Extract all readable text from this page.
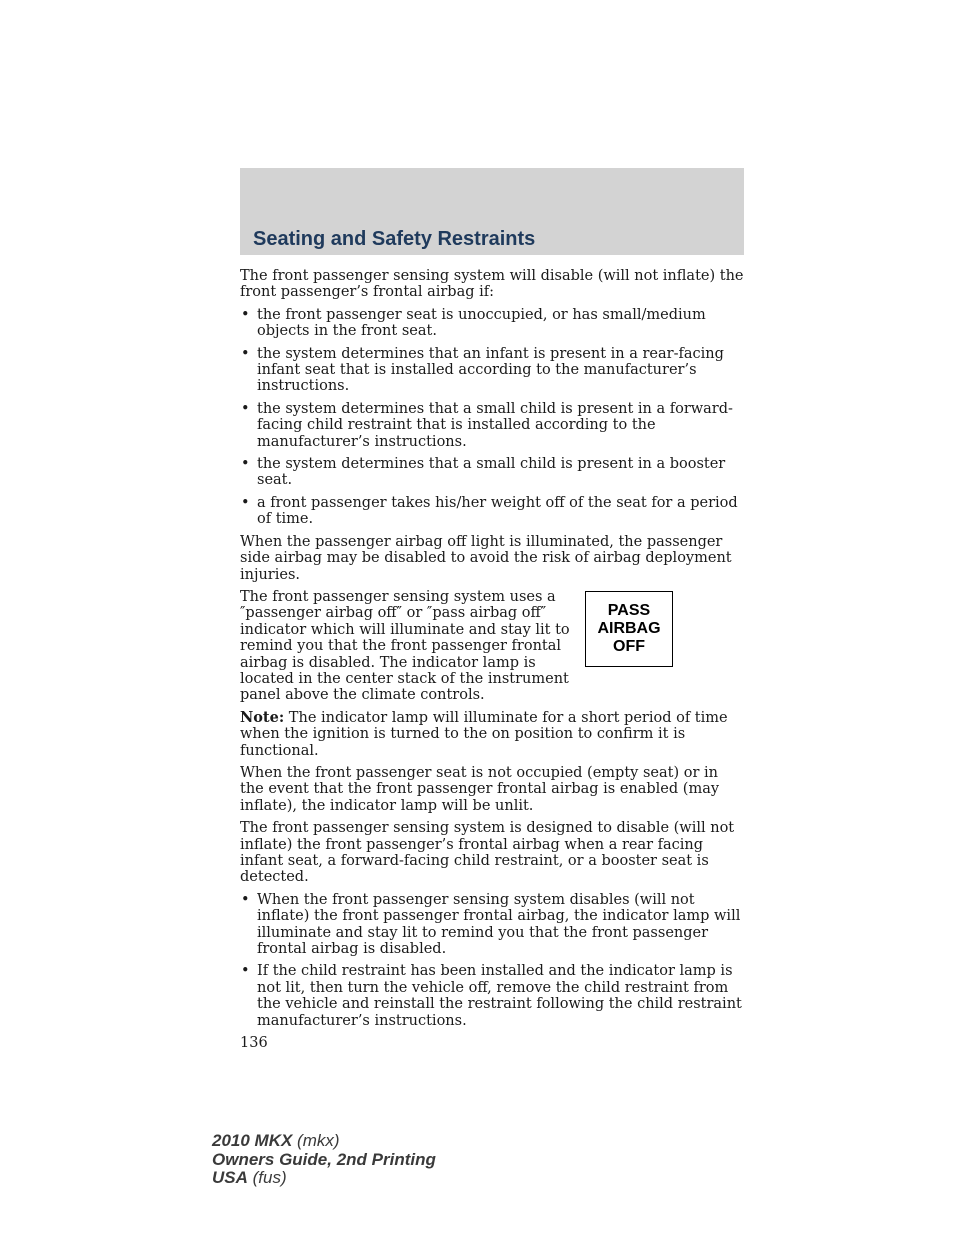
Seating and Safety Restraints

The front passenger sensing system will disable (will not inflate) the front passenger’s frontal airbag if:

• the front passenger seat is unoccupied, or has small/medium objects in the front seat.
• the system determines that an infant is present in a rear-facing infant seat that is installed according to the manufacturer’s instructions.
• the system determines that a small child is present in a forward-facing child restraint that is installed according to the manufacturer’s instructions.
• the system determines that a small child is present in a booster seat.
• a front passenger takes his/her weight off of the seat for a period of time.

When the passenger airbag off light is illuminated, the passenger side airbag may be disabled to avoid the risk of airbag deployment injuries.

PASS
AIRBAG
OFF

The front passenger sensing system uses a ″passenger airbag off″ or ″pass airbag off″ indicator which will illuminate and stay lit to remind you that the front passenger frontal airbag is disabled. The indicator lamp is located in the center stack of the instrument panel above the climate controls.

Note: The indicator lamp will illuminate for a short period of time when the ignition is turned to the on position to confirm it is functional.

When the front passenger seat is not occupied (empty seat) or in the event that the front passenger frontal airbag is enabled (may inflate), the indicator lamp will be unlit.

The front passenger sensing system is designed to disable (will not inflate) the front passenger’s frontal airbag when a rear facing infant seat, a forward-facing child restraint, or a booster seat is detected.

• When the front passenger sensing system disables (will not inflate) the front passenger frontal airbag, the indicator lamp will illuminate and stay lit to remind you that the front passenger frontal airbag is disabled.
• If the child restraint has been installed and the indicator lamp is not lit, then turn the vehicle off, remove the child restraint from the vehicle and reinstall the restraint following the child restraint manufacturer’s instructions.
136
2010 MKX (mkx)
Owners Guide, 2nd Printing
USA (fus)
